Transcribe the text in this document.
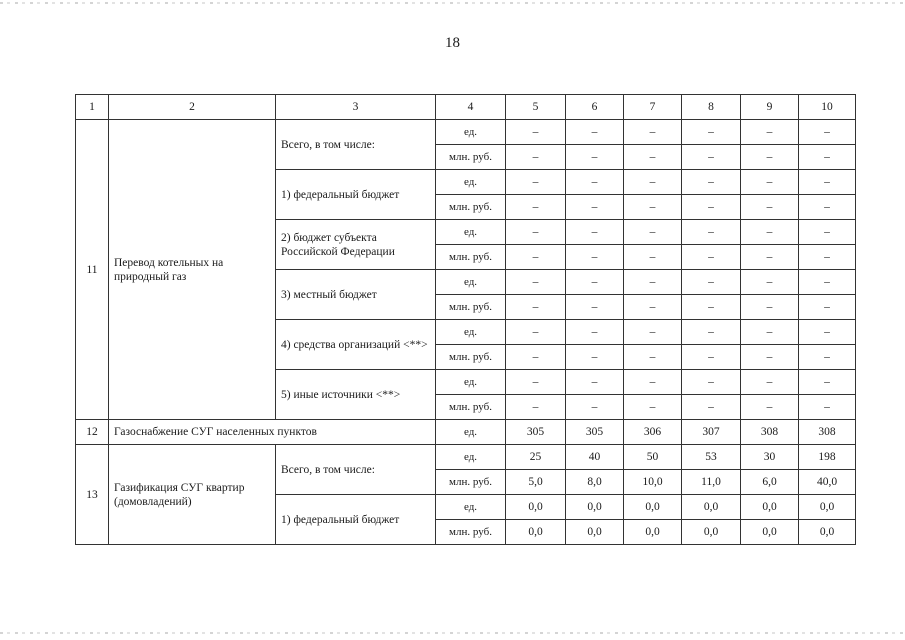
18
1	2	3	4	5	6	7	8	9	10
11	Перевод котельных на природный газ	Всего, в том числе:	ед.	–	–	–	–	–	–
			млн. руб.	–	–	–	–	–	–
		1) федеральный бюджет	ед.	–	–	–	–	–	–
			млн. руб.	–	–	–	–	–	–
		2) бюджет субъекта Российской Федерации	ед.	–	–	–	–	–	–
			млн. руб.	–	–	–	–	–	–
		3) местный бюджет	ед.	–	–	–	–	–	–
			млн. руб.	–	–	–	–	–	–
		4) средства организаций <**>	ед.	–	–	–	–	–	–
			млн. руб.	–	–	–	–	–	–
		5) иные источники <**>	ед.	–	–	–	–	–	–
			млн. руб.	–	–	–	–	–	–
12	Газоснабжение СУГ населенных пунктов		ед.	305	305	306	307	308	308
13	Газификация СУГ квартир (домовладений)	Всего, в том числе:	ед.	25	40	50	53	30	198
			млн. руб.	5,0	8,0	10,0	11,0	6,0	40,0
		1) федеральный бюджет	ед.	0,0	0,0	0,0	0,0	0,0	0,0
			млн. руб.	0,0	0,0	0,0	0,0	0,0	0,0
